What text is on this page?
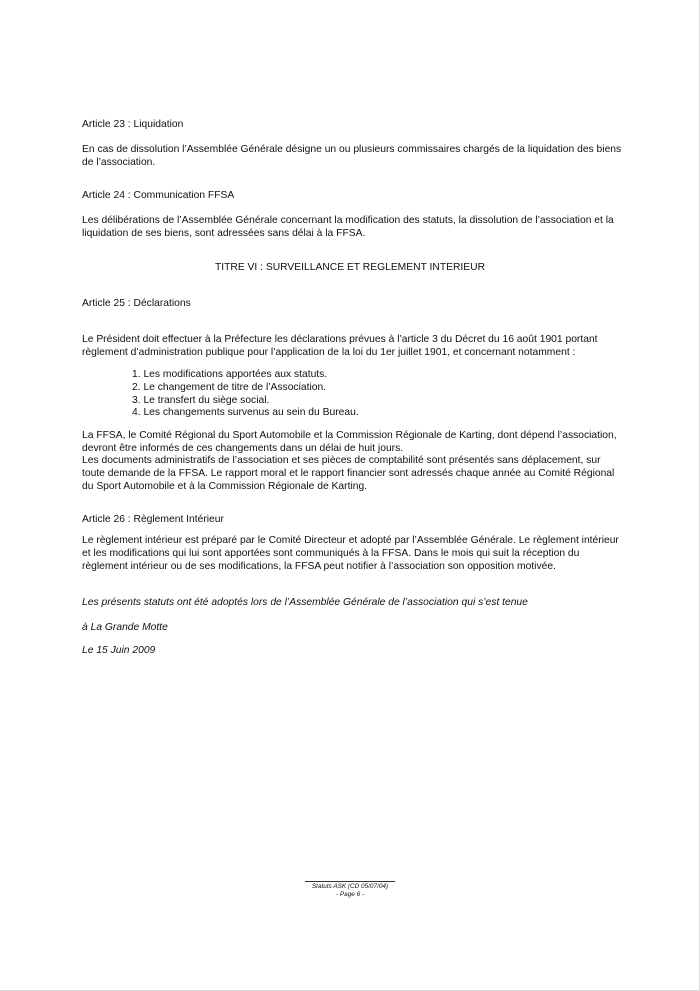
Article 23 : Liquidation

En cas de dissolution l’Assemblée Générale désigne un ou plusieurs commissaires chargés de la liquidation des biens de l’association.

Article 24 : Communication FFSA

Les délibérations de l’Assemblée Générale concernant la modification des statuts, la dissolution de l’association et la liquidation de ses biens, sont adressées sans délai à la FFSA.

TITRE VI : SURVEILLANCE ET REGLEMENT INTERIEUR

Article 25 : Déclarations

Le Président doit effectuer à la Préfecture les déclarations prévues à l’article 3 du Décret du 16 août 1901 portant règlement d’administration publique pour l’application de la loi du 1er juillet 1901, et concernant notamment :

1. Les modifications apportées aux statuts.
2. Le changement de titre de l’Association.
3. Le transfert du siège social.
4. Les changements survenus au sein du Bureau.

La FFSA, le Comité Régional du Sport Automobile et la Commission Régionale de Karting, dont dépend l’association, devront être informés de ces changements dans un délai de huit jours.

Les documents administratifs de l’association et ses pièces de comptabilité sont présentés sans déplacement, sur toute demande de la FFSA. Le rapport moral et le rapport financier sont adressés chaque année au Comité Régional du Sport Automobile et à la Commission Régionale de Karting.

Article 26 : Règlement Intérieur

Le règlement intérieur est préparé par le Comité Directeur et adopté par l’Assemblée Générale. Le règlement intérieur et les modifications qui lui sont apportées sont communiqués à la FFSA. Dans le mois qui suit la réception du règlement intérieur ou de ses modifications, la FFSA peut notifier à l’association son opposition motivée.

Les présents statuts ont été adoptés lors de l’Assemblée Générale de l’association qui s’est tenue

à La Grande Motte

Le 15 Juin 2009

Statuts ASK (CD 05/07/04)

- Page 6 -
